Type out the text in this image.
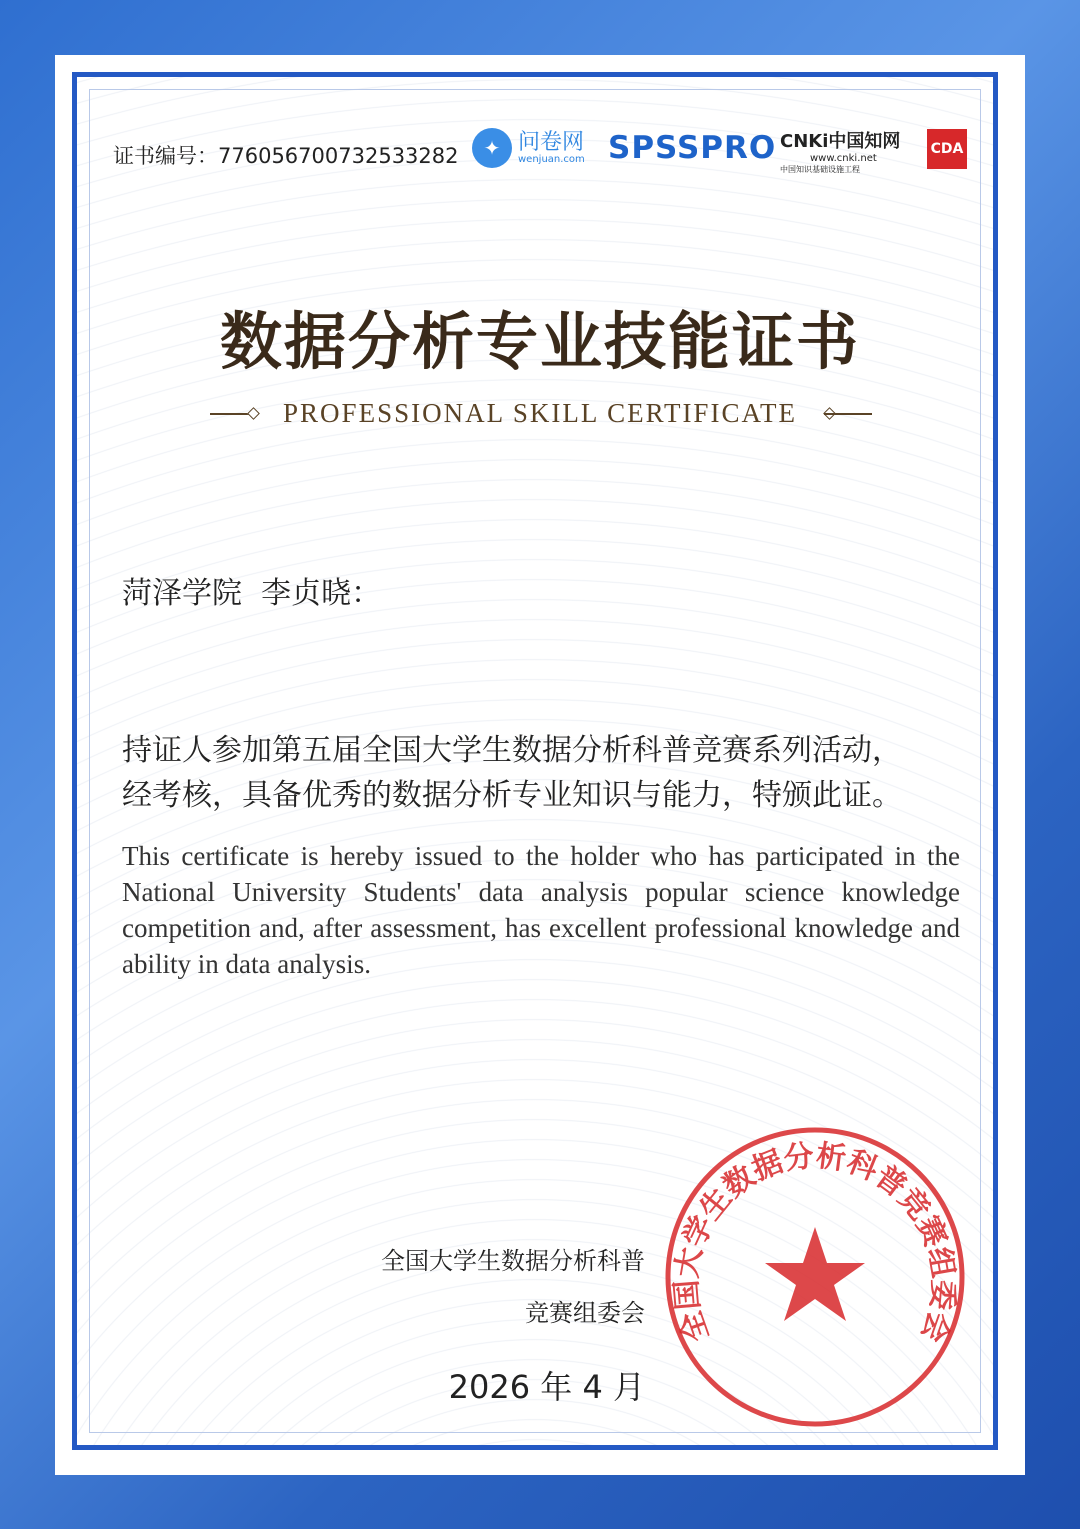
证书编号：776056700732533282	✦ 问卷网
wenjuan.com SPSSPRO CNKi中国知网
www.cnki.net
中国知识基础设施工程
CDA
数据分析专业技能证书
PROFESSIONAL SKILL CERTIFICATE
菏泽学院  李贞晓：
持证人参加第五届全国大学生数据分析科普竞赛系列活动，
经考核，具备优秀的数据分析专业知识与能力，特颁此证。
This certificate is hereby issued to the holder who has participated in the National University Students' data analysis popular science knowledge competition and, after assessment, has excellent professional knowledge and ability in data analysis.
全国大学生数据分析科普竞赛组委会
全国大学生数据分析科普
竞赛组委会
2026 年 4 月
